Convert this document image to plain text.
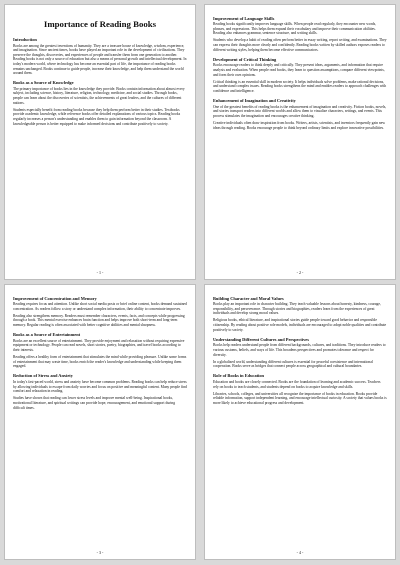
Importance of Reading Books
Introduction

Books are among the greatest inventions of humanity. They are a treasure house of knowledge, wisdom, experience, and imagination. Since ancient times, books have played an important role in the development of civilizations. They preserve the thoughts, discoveries, and experiences of people and transfer them from one generation to another. Reading books is not only a source of education but also a means of personal growth and intellectual development. In today's modern world, where technology has become an essential part of life, the importance of reading books remains unchanged. Books continue to guide people, increase their knowledge, and help them understand the world around them.

Books as a Source of Knowledge

The primary importance of books lies in the knowledge they provide. Books contain information about almost every subject, including science, history, literature, religion, technology, medicine, and social studies. Through books, people can learn about the discoveries of scientists, the achievements of great leaders, and the cultures of different nations.

Students especially benefit from reading books because they help them perform better in their studies. Textbooks provide academic knowledge, while reference books offer detailed explanations of various topics. Reading books regularly increases a person's understanding and enables them to gain information beyond the classroom. A knowledgeable person is better equipped to make informed decisions and contribute positively to society.

- 1 -
Improvement of Language Skills

Reading books significantly improves language skills. When people read regularly, they encounter new words, phrases, and expressions. This helps them expand their vocabulary and improve their communication abilities. Reading also enhances grammar, sentence structure, and writing skills.

Students who develop a habit of reading often perform better in essay writing, report writing, and examinations. They can express their thoughts more clearly and confidently. Reading books written by skilled authors exposes readers to different writing styles, helping them become effective communicators.

Development of Critical Thinking

Books encourage readers to think deeply and critically. They present ideas, arguments, and information that require analysis and evaluation. When people read books, they learn to question assumptions, compare different viewpoints, and form their own opinions.

Critical thinking is an essential skill in modern society. It helps individuals solve problems, make rational decisions, and understand complex issues. Reading books strengthens the mind and enables readers to approach challenges with confidence and intelligence.

Enhancement of Imagination and Creativity

One of the greatest benefits of reading books is the enhancement of imagination and creativity. Fiction books, novels, and stories transport readers into different worlds and allow them to visualize characters, settings, and events. This process stimulates the imagination and encourages creative thinking.

Creative individuals often draw inspiration from books. Writers, artists, scientists, and inventors frequently gain new ideas through reading. Books encourage people to think beyond ordinary limits and explore innovative possibilities.

- 2 -
Improvement of Concentration and Memory

Reading requires focus and attention. Unlike short social media posts or brief online content, books demand sustained concentration. As readers follow a story or understand complex information, their ability to concentrate improves.

Reading also strengthens memory. Readers must remember characters, events, facts, and concepts while progressing through a book. This mental exercise enhances brain function and helps improve both short-term and long-term memory. Regular reading is often associated with better cognitive abilities and mental sharpness.

Books as a Source of Entertainment

Books are an excellent source of entertainment. They provide enjoyment and relaxation without requiring expensive equipment or technology. People can read novels, short stories, poetry, biographies, and travel books according to their interests.

Reading offers a healthy form of entertainment that stimulates the mind while providing pleasure. Unlike some forms of entertainment that may waste time, books enrich the reader's knowledge and understanding while keeping them engaged.

Reduction of Stress and Anxiety

In today's fast-paced world, stress and anxiety have become common problems. Reading books can help reduce stress by allowing individuals to escape from daily worries and focus on positive and meaningful content. Many people find comfort and relaxation in reading.

Studies have shown that reading can lower stress levels and improve mental well-being. Inspirational books, motivational literature, and spiritual writings can provide hope, encouragement, and emotional support during difficult times.

- 3 -
Building Character and Moral Values

Books play an important role in character building. They teach valuable lessons about honesty, kindness, courage, responsibility, and perseverance. Through stories and biographies, readers learn from the experiences of great individuals and develop strong moral values.

Religious books, ethical literature, and inspirational stories guide people toward good behavior and responsible citizenship. By reading about positive role models, individuals are encouraged to adopt noble qualities and contribute positively to society.

Understanding Different Cultures and Perspectives

Books help readers understand people from different backgrounds, cultures, and traditions. They introduce readers to various customs, beliefs, and ways of life. This broadens perspectives and promotes tolerance and respect for diversity.

In a globalized world, understanding different cultures is essential for peaceful coexistence and international cooperation. Books serve as bridges that connect people across geographical and cultural boundaries.

Role of Books in Education

Education and books are closely connected. Books are the foundation of learning and academic success. Teachers rely on books to teach students, and students depend on books to acquire knowledge and skills.

Libraries, schools, colleges, and universities all recognize the importance of books in education. Books provide reliable information, support independent learning, and encourage intellectual curiosity. A society that values books is more likely to achieve educational progress and development.

- 4 -
